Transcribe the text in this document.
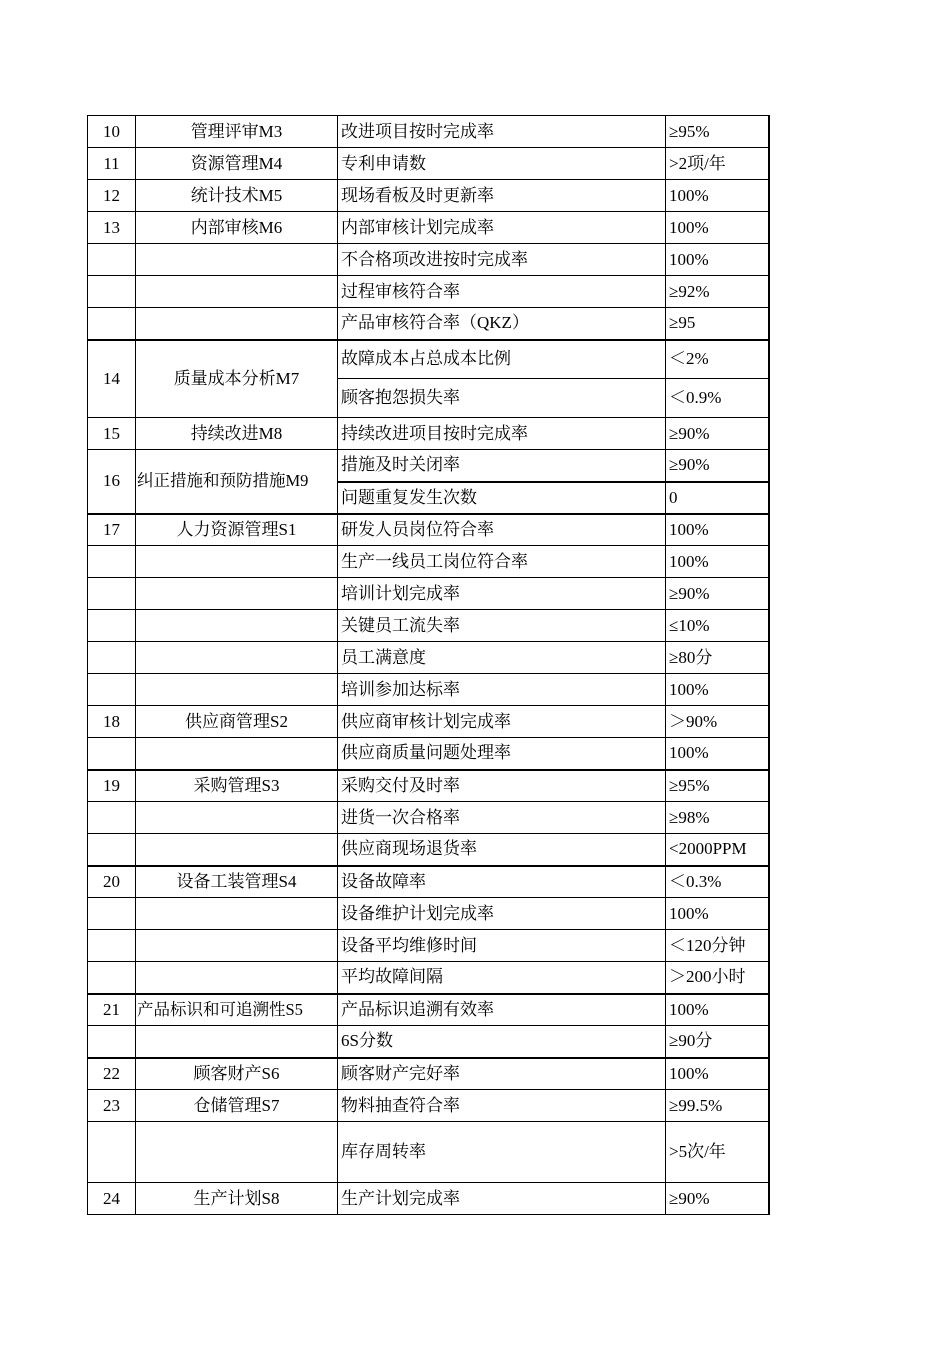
10	管理评审M3	改进项目按时完成率	≥95%
11	资源管理M4	专利申请数	>2项/年
12	统计技术M5	现场看板及时更新率	100%
13	内部审核M6	内部审核计划完成率	100%
		不合格项改进按时完成率	100%
		过程审核符合率	≥92%
		产品审核符合率（QKZ）	≥95
14	质量成本分析M7	故障成本占总成本比例	＜2%
		顾客抱怨损失率	＜0.9%
15	持续改进M8	持续改进项目按时完成率	≥90%
16	纠正措施和预防措施M9	措施及时关闭率	≥90%
		问题重复发生次数	0
17	人力资源管理S1	研发人员岗位符合率	100%
		生产一线员工岗位符合率	100%
		培训计划完成率	≥90%
		关键员工流失率	≤10%
		员工满意度	≥80分
		培训参加达标率	100%
18	供应商管理S2	供应商审核计划完成率	＞90%
		供应商质量问题处理率	100%
19	采购管理S3	采购交付及时率	≥95%
		进货一次合格率	≥98%
		供应商现场退货率	<2000PPM
20	设备工装管理S4	设备故障率	＜0.3%
		设备维护计划完成率	100%
		设备平均维修时间	＜120分钟
		平均故障间隔	＞200小时
21	产品标识和可追溯性S5	产品标识追溯有效率	100%
		6S分数	≥90分
22	顾客财产S6	顾客财产完好率	100%
23	仓储管理S7	物料抽查符合率	≥99.5%
		库存周转率	>5次/年
24	生产计划S8	生产计划完成率	≥90%
